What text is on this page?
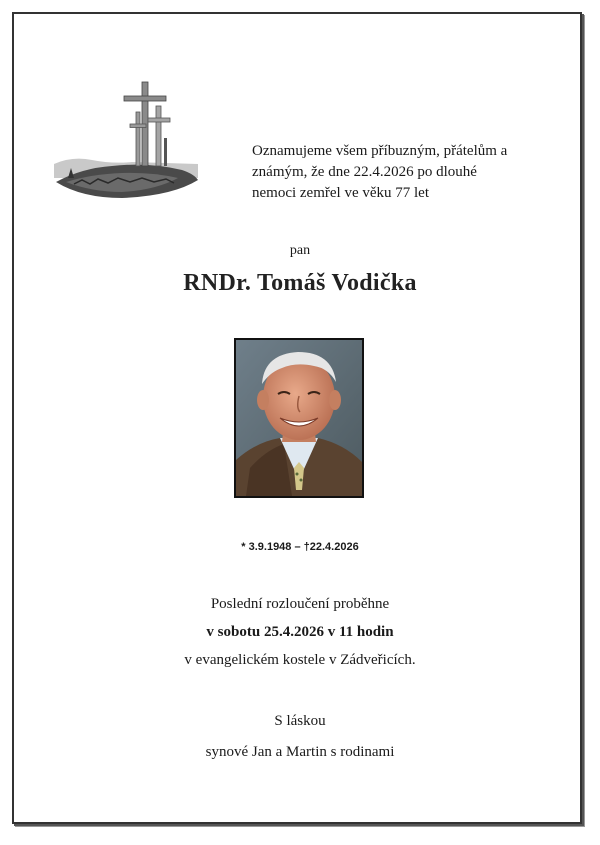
Oznamujeme všem příbuzným, přátelům a
známým, že dne 22.4.2026 po dlouhé
nemoci zemřel ve věku 77 let
pan
RNDr. Tomáš Vodička
* 3.9.1948 – †22.4.2026
Poslední rozloučení proběhne
v sobotu 25.4.2026 v 11 hodin
v evangelickém kostele v Zádveřicích.
S láskou
synové Jan a Martin s rodinami
